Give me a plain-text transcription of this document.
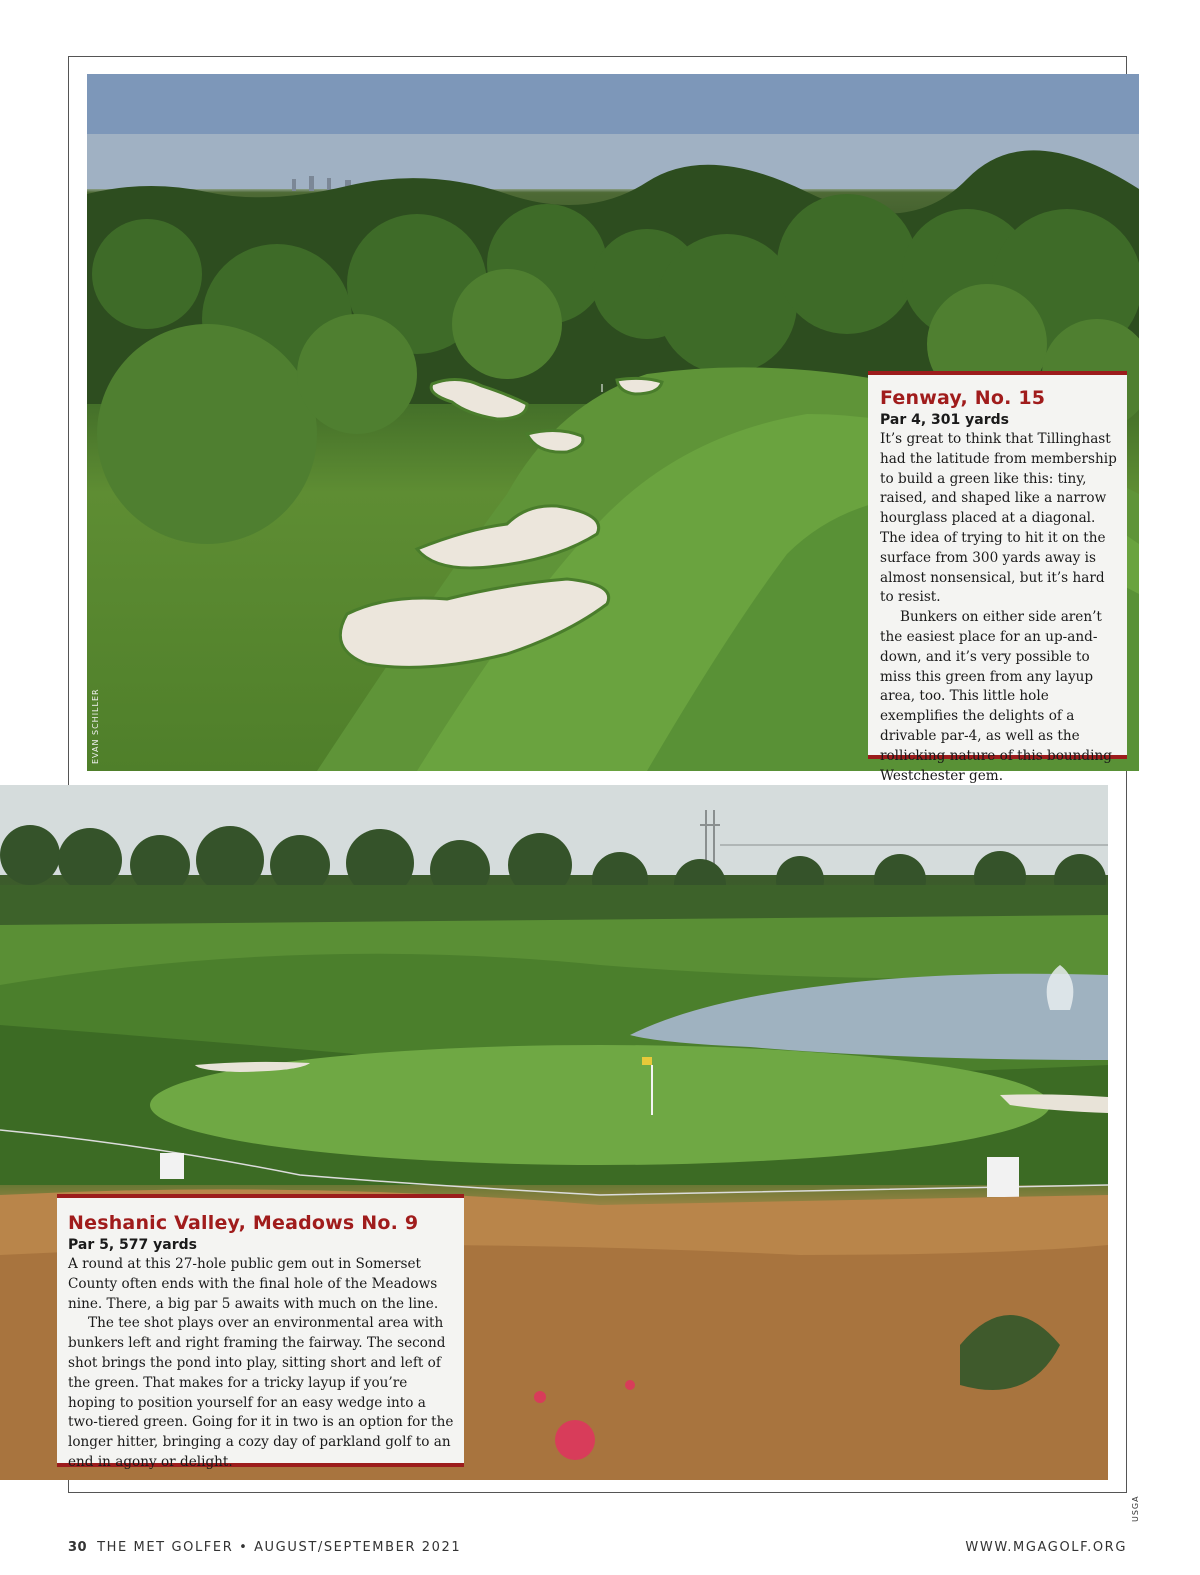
EVAN SCHILLER
Fenway, No. 15
Par 4, 301 yards

It’s great to think that Tillinghast had the latitude from membership to build a green like this: tiny, raised, and shaped like a narrow hourglass placed at a diagonal. The idea of trying to hit it on the surface from 300 yards away is almost nonsensical, but it’s hard to resist.

Bunkers on either side aren’t the easiest place for an up-and-down, and it’s very possible to miss this green from any layup area, too. This little hole exemplifies the delights of a drivable par-4, as well as the rollicking nature of this bounding Westchester gem.

USGA
Neshanic Valley, Meadows No. 9
Par 5, 577 yards

A round at this 27-hole public gem out in Somerset County often ends with the final hole of the Meadows nine. There, a big par 5 awaits with much on the line.

The tee shot plays over an environmental area with bunkers left and right framing the fairway. The second shot brings the pond into play, sitting short and left of the green. That makes for a tricky layup if you’re hoping to position yourself for an easy wedge into a two-tiered green. Going for it in two is an option for the longer hitter, bringing a cozy day of parkland golf to an end in agony or delight.

30 THE MET GOLFER • AUGUST/SEPTEMBER 2021	WWW.MGAGOLF.ORG
